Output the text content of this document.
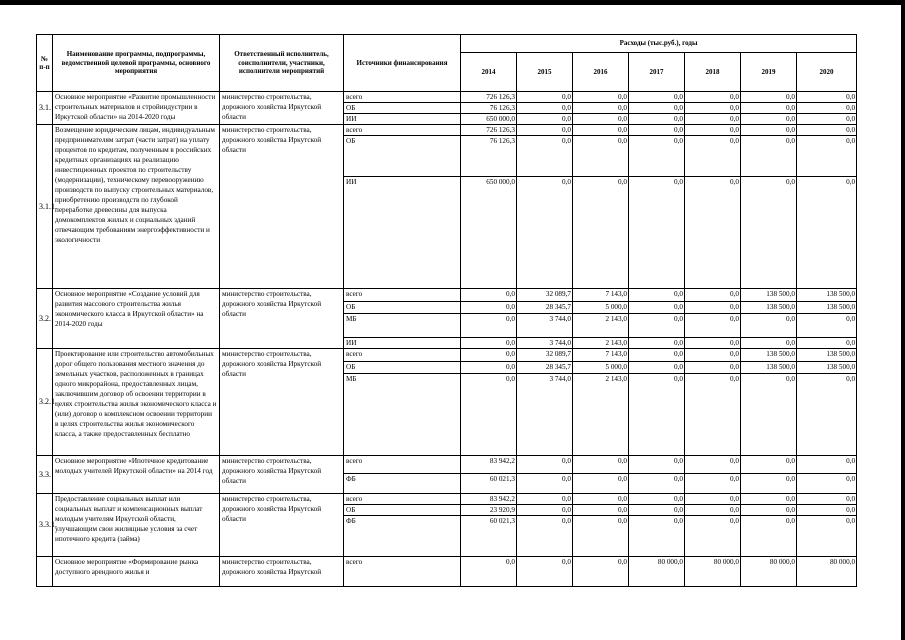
№ п-п	Наименование программы, подпрограммы, ведомственной целевой программы, основного мероприятия	Ответственный исполнитель, соисполнители, участники, исполнители мероприятий	Источники финансирования	Расходы (тыс.руб.), годы						
				2014	2015	2016	2017	2018	2019	2020
3.1.	Основное мероприятие «Развитие промышленности строительных материалов и стройиндустрии в Иркутской области» на 2014-2020 годы	министерство строительства, дорожного хозяйства Иркутской области	всего	726 126,3	0,0	0,0	0,0	0,0	0,0	0,0
			ОБ	76 126,3	0,0	0,0	0,0	0,0	0,0	0,0
			ИИ	650 000,0	0,0	0,0	0,0	0,0	0,0	0,0
3.1.1.	Возмещение юридическим лицам, индивидуальным предпринимателям затрат (части затрат) на уплату процентов по кредитам, полученным в российских кредитных организациях на реализацию инвестиционных проектов по строительству (модернизации), техническому перевооружению производств по выпуску строительных материалов, приобретению производств по глубокой переработке древесины для выпуска домокомплектов жилых и социальных зданий отвечающим требованиям энергоэффективности и экологичности	министерство строительства, дорожного хозяйства Иркутской области	всего	726 126,3	0,0	0,0	0,0	0,0	0,0	0,0
			ОБ	76 126,3	0,0	0,0	0,0	0,0	0,0	0,0
			ИИ	650 000,0	0,0	0,0	0,0	0,0	0,0	0,0
3.2.	Основное мероприятие «Создание условий для развития массового строительства жилья экономического класса в Иркутской области» на 2014-2020 годы	министерство строительства, дорожного хозяйства Иркутской области	всего	0,0	32 089,7	7 143,0	0,0	0,0	138 500,0	138 500,0
			ОБ	0,0	28 345,7	5 000,0	0,0	0,0	138 500,0	138 500,0
			МБ	0,0	3 744,0	2 143,0	0,0	0,0	0,0	0,0
			ИИ	0,0	3 744,0	2 143,0	0,0	0,0	0,0	0,0
3.2.1.	Проектирование или строительство автомобильных дорог общего пользования местного значения до земельных участков, расположенных в границах одного микрорайона, предоставленных лицам, заключившим договор об освоении территории в целях строительства жилья экономического класса и (или) договор о комплексном освоении территории в целях строительства жилья экономического класса, а также предоставленных бесплатно	министерство строительства, дорожного хозяйства Иркутской области	всего	0,0	32 089,7	7 143,0	0,0	0,0	138 500,0	138 500,0
			ОБ	0,0	28 345,7	5 000,0	0,0	0,0	138 500,0	138 500,0
			МБ	0,0	3 744,0	2 143,0	0,0	0,0	0,0	0,0
3.3.	Основное мероприятие «Ипотечное кредитование молодых учителей Иркутской области» на 2014 год	министерство строительства, дорожного хозяйства Иркутской области	всего	83 942,2	0,0	0,0	0,0	0,0	0,0	0,0
			ФБ	60 021,3	0,0	0,0	0,0	0,0	0,0	0,0
3.3.1.	Предоставление социальных выплат или социальных выплат и компенсационных выплат молодым учителям Иркутской области, улучшающим свои жилищные условия за счет ипотечного кредита (займа)	министерство строительства, дорожного хозяйства Иркутской области	всего	83 942,2	0,0	0,0	0,0	0,0	0,0	0,0
			ОБ	23 920,9	0,0	0,0	0,0	0,0	0,0	0,0
			ФБ	60 021,3	0,0	0,0	0,0	0,0	0,0	0,0
	Основное мероприятие «Формирование рынка доступного арендного жилья и	министерство строительства, дорожного хозяйства Иркутской	всего	0,0	0,0	0,0	80 000,0	80 000,0	80 000,0	80 000,0
